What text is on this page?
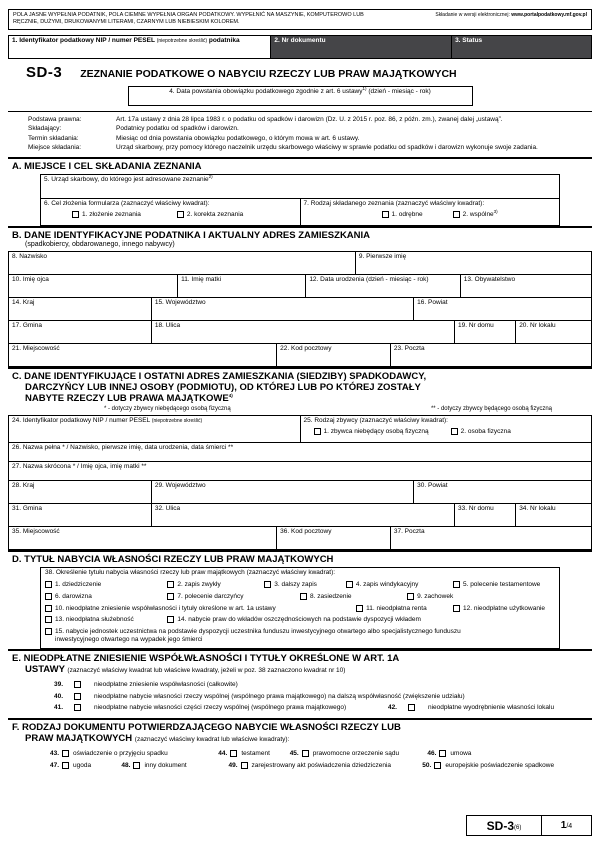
POLA JASNE WYPEŁNIA PODATNIK, POLA CIEMNE WYPEŁNIA ORGAN PODATKOWY. WYPEŁNIĆ NA MASZYNIE, KOMPUTEROWO LUB RĘCZNIE, DUŻYMI, DRUKOWANYMI LITERAMI, CZARNYM LUB NIEBIESKIM KOLOREM.
Składanie w wersji elektronicznej: www.portalpodatkowy.mf.gov.pl
1. Identyfikator podatkowy NIP / numer PESEL (niepotrzebne skreślić) podatnika	2. Nr dokumentu	3. Status
SD-3 ZEZNANIE PODATKOWE O NABYCIU RZECZY LUB PRAW MAJĄTKOWYCH
4. Data powstania obowiązku podatkowego zgodnie z art. 6 ustawy$^{1)}$ (dzień - miesiąc - rok)
Podstawa prawna:	Art. 17a ustawy z dnia 28 lipca 1983 r. o podatku od spadków i darowizn (Dz. U. z 2015 r. poz. 86, z późn. zm.), zwanej dalej „ustawą”.
Składający:	Podatnicy podatku od spadków i darowizn.
Termin składania:	Miesiąc od dnia powstania obowiązku podatkowego, o którym mowa w art. 6 ustawy.
Miejsce składania:	Urząd skarbowy, przy pomocy którego naczelnik urzędu skarbowego właściwy w sprawie podatku od spadków i darowizn wykonuje swoje zadania.
A. MIEJSCE I CEL SKŁADANIA ZEZNANIA
5. Urząd skarbowy, do którego jest adresowane zeznanie$^{2)}$
6. Cel złożenia formularza (zaznaczyć właściwy kwadrat):
1. złożenie zeznania	2. korekta zeznania
7. Rodzaj składanego zeznania (zaznaczyć właściwy kwadrat):
1. odrębne	2. wspólne$^{3)}$
B. DANE IDENTYFIKACYJNE PODATNIKA I AKTUALNY ADRES ZAMIESZKANIA
(spadkobiercy, obdarowanego, innego nabywcy)
8. Nazwisko	9. Pierwsze imię
10. Imię ojca	11. Imię matki	12. Data urodzenia (dzień - miesiąc - rok)	13. Obywatelstwo
14. Kraj	15. Województwo	16. Powiat
17. Gmina	18. Ulica	19. Nr domu	20. Nr lokalu
21. Miejscowość	22. Kod pocztowy	23. Poczta
C. DANE IDENTYFIKUJĄCE I OSTATNI ADRES ZAMIESZKANIA (SIEDZIBY) SPADKODAWCY,
DARCZYŃCY LUB INNEJ OSOBY (PODMIOTU), OD KTÓREJ LUB PO KTÓREJ ZOSTAŁY
NABYTE RZECZY LUB PRAWA MAJĄTKOWE$^{4)}$
* - dotyczy zbywcy niebędącego osobą fizyczną	** - dotyczy zbywcy będącego osobą fizyczną
24. Identyfikator podatkowy NIP / numer PESEL (niepotrzebne skreślić)	25. Rodzaj zbywcy (zaznaczyć właściwy kwadrat):
1. zbywca niebędący osobą fizyczną	2. osoba fizyczna
26. Nazwa pełna * / Nazwisko, pierwsze imię, data urodzenia, data śmierci **
27. Nazwa skrócona * / Imię ojca, imię matki **
28. Kraj	29. Województwo	30. Powiat
31. Gmina	32. Ulica	33. Nr domu	34. Nr lokalu
35. Miejscowość	36. Kod pocztowy	37. Poczta
D. TYTUŁ NABYCIA WŁASNOŚCI RZECZY LUB PRAW MAJĄTKOWYCH
38. Określenie tytułu nabycia własności rzeczy lub praw majątkowych (zaznaczyć właściwy kwadrat):
1. dziedziczenie	2. zapis zwykły	3. dalszy zapis	4. zapis windykacyjny	5. polecenie testamentowe
6. darowizna	7. polecenie darczyńcy	8. zasiedzenie	9. zachowek
10. nieodpłatne zniesienie współwłasności i tytuły określone w art. 1a ustawy	11. nieodpłatna renta	12. nieodpłatne użytkowanie
13. nieodpłatna służebność	14. nabycie praw do wkładów oszczędnościowych na podstawie dyspozycji wkładem
15. nabycie jednostek uczestnictwa na podstawie dyspozycji uczestnika funduszu inwestycyjnego otwartego albo specjalistycznego funduszu inwestycyjnego otwartego na wypadek jego śmierci
E. NIEODPŁATNE ZNIESIENIE WSPÓŁWŁASNOŚCI I TYTUŁY OKREŚLONE W ART. 1A
USTAWY (zaznaczyć właściwy kwadrat lub właściwe kwadraty, jeżeli w poz. 38 zaznaczono kwadrat nr 10)
39.	nieodpłatne zniesienie współwłasności (całkowite)
40.	nieodpłatne nabycie własności rzeczy wspólnej (wspólnego prawa majątkowego) na dalszą współwłasność (zwiększenie udziału)
41.	nieodpłatne nabycie własności części rzeczy wspólnej (wspólnego prawa majątkowego)	42.	nieodpłatne wyodrębnienie własności lokalu
F. RODZAJ DOKUMENTU POTWIERDZAJĄCEGO NABYCIE WŁASNOŚCI RZECZY LUB
PRAW MAJĄTKOWYCH (zaznaczyć właściwy kwadrat lub właściwe kwadraty):
43. oświadczenie o przyjęciu spadku	44. testament	45. prawomocne orzeczenie sądu	46. umowa
47. ugoda	48. inny dokument	49. zarejestrowany akt poświadczenia dziedziczenia	50. europejskie poświadczenie spadkowe
SD-3 (6)	1 /4
